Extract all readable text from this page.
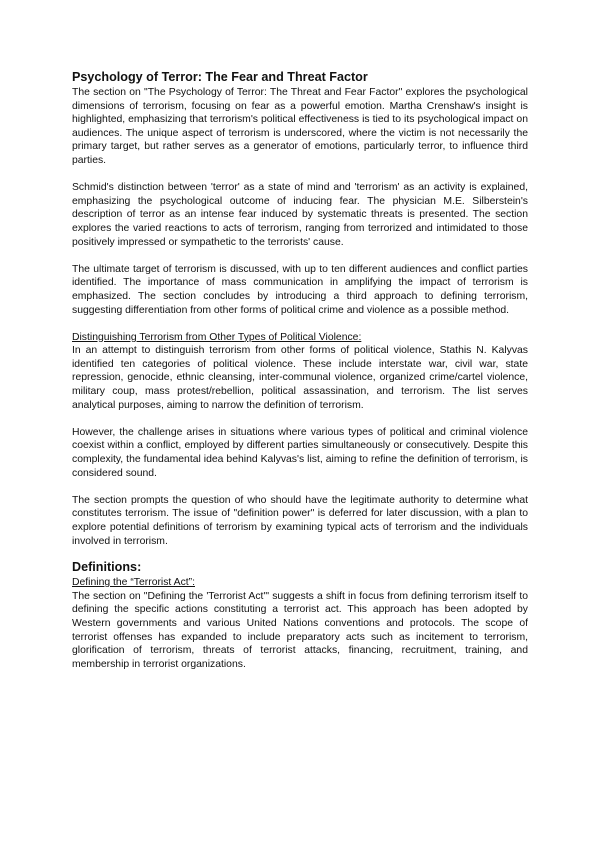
Psychology of Terror: The Fear and Threat Factor

The section on "The Psychology of Terror: The Threat and Fear Factor" explores the psychological dimensions of terrorism, focusing on fear as a powerful emotion. Martha Crenshaw's insight is highlighted, emphasizing that terrorism's political effectiveness is tied to its psychological impact on audiences. The unique aspect of terrorism is underscored, where the victim is not necessarily the primary target, but rather serves as a generator of emotions, particularly terror, to influence third parties.

Schmid's distinction between 'terror' as a state of mind and 'terrorism' as an activity is explained, emphasizing the psychological outcome of inducing fear. The physician M.E. Silberstein's description of terror as an intense fear induced by systematic threats is presented. The section explores the varied reactions to acts of terrorism, ranging from terrorized and intimidated to those positively impressed or sympathetic to the terrorists' cause.

The ultimate target of terrorism is discussed, with up to ten different audiences and conflict parties identified. The importance of mass communication in amplifying the impact of terrorism is emphasized. The section concludes by introducing a third approach to defining terrorism, suggesting differentiation from other forms of political crime and violence as a possible method.

Distinguishing Terrorism from Other Types of Political Violence:

In an attempt to distinguish terrorism from other forms of political violence, Stathis N. Kalyvas identified ten categories of political violence. These include interstate war, civil war, state repression, genocide, ethnic cleansing, inter-communal violence, organized crime/cartel violence, military coup, mass protest/rebellion, political assassination, and terrorism. The list serves analytical purposes, aiming to narrow the definition of terrorism.

However, the challenge arises in situations where various types of political and criminal violence coexist within a conflict, employed by different parties simultaneously or consecutively. Despite this complexity, the fundamental idea behind Kalyvas's list, aiming to refine the definition of terrorism, is considered sound.

The section prompts the question of who should have the legitimate authority to determine what constitutes terrorism. The issue of "definition power" is deferred for later discussion, with a plan to explore potential definitions of terrorism by examining typical acts of terrorism and the individuals involved in terrorism.

Definitions:
Defining the “Terrorist Act”:

The section on "Defining the 'Terrorist Act'" suggests a shift in focus from defining terrorism itself to defining the specific actions constituting a terrorist act. This approach has been adopted by Western governments and various United Nations conventions and protocols. The scope of terrorist offenses has expanded to include preparatory acts such as incitement to terrorism, glorification of terrorism, threats of terrorist attacks, financing, recruitment, training, and membership in terrorist organizations.
